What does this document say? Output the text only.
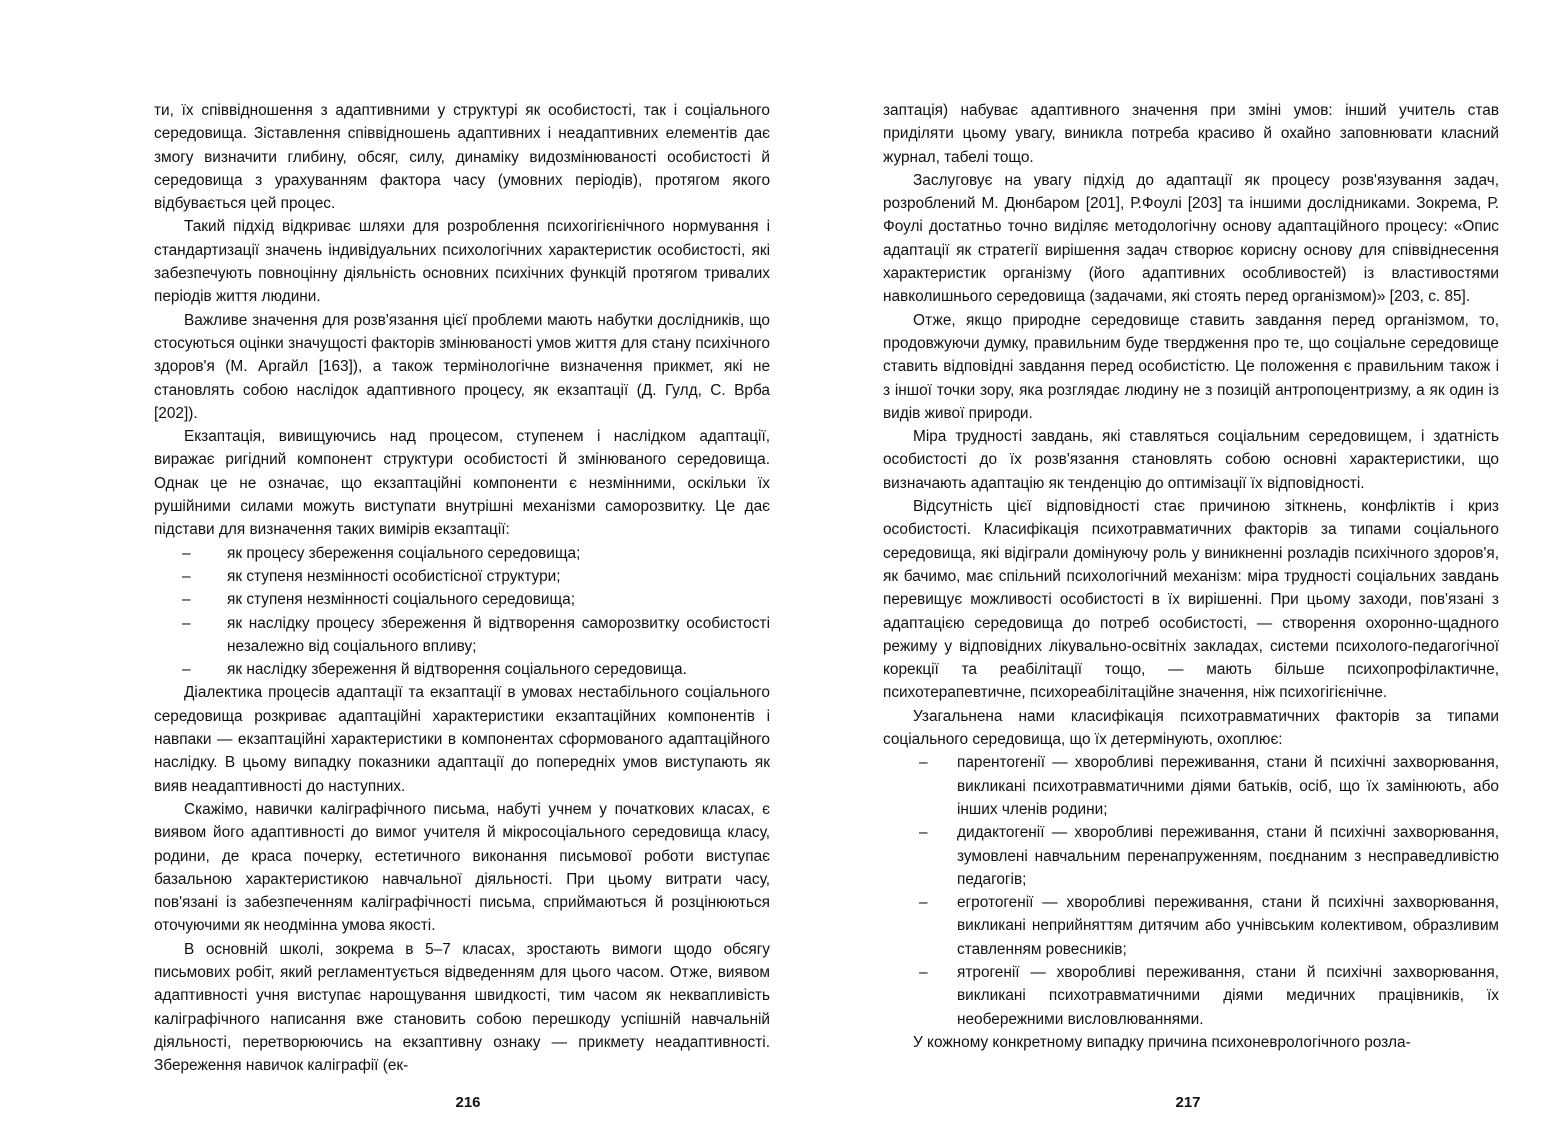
ти, їх співвідношення з адаптивними у структурі як особистості, так і соціального середовища. Зіставлення співвідношень адаптивних і неадаптивних елементів дає змогу визначити глибину, обсяг, силу, динаміку видозмінюваності особистості й середовища з урахуванням фактора часу (умовних періодів), протягом якого відбувається цей процес.

Такий підхід відкриває шляхи для розроблення психогігієнічного нормування і стандартизації значень індивідуальних психологічних характеристик особистості, які забезпечують повноцінну діяльність основних психічних функцій протягом тривалих періодів життя людини.

Важливе значення для розв'язання цієї проблеми мають набутки дослідників, що стосуються оцінки значущості факторів змінюваності умов життя для стану психічного здоров'я (М. Аргайл [163]), а також термінологічне визначення прикмет, які не становлять собою наслідок адаптивного процесу, як екзаптації (Д. Гулд, С. Врба [202]).

Екзаптація, вивищуючись над процесом, ступенем і наслідком адаптації, виражає ригідний компонент структури особистості й змінюваного середовища. Однак це не означає, що екзаптаційні компоненти є незмінними, оскільки їх рушійними силами можуть виступати внутрішні механізми саморозвитку. Це дає підстави для визначення таких вимірів екзаптації:

– як процесу збереження соціального середовища;
– як ступеня незмінності особистісної структури;
– як ступеня незмінності соціального середовища;
– як наслідку процесу збереження й відтворення саморозвитку особистості незалежно від соціального впливу;
– як наслідку збереження й відтворення соціального середовища.

Діалектика процесів адаптації та екзаптації в умовах нестабільного соціального середовища розкриває адаптаційні характеристики екзаптаційних компонентів і навпаки — екзаптаційні характеристики в компонентах сформованого адаптаційного наслідку. В цьому випадку показники адаптації до попередніх умов виступають як вияв неадаптивності до наступних.

Скажімо, навички каліграфічного письма, набуті учнем у початкових класах, є виявом його адаптивності до вимог учителя й мікросоціального середовища класу, родини, де краса почерку, естетичного виконання письмової роботи виступає базальною характеристикою навчальної діяльності. При цьому витрати часу, пов'язані із забезпеченням каліграфічності письма, сприймаються й розцінюються оточуючими як неодмінна умова якості.

В основній школі, зокрема в 5–7 класах, зростають вимоги щодо обсягу письмових робіт, який регламентується відведенням для цього часом. Отже, виявом адаптивності учня виступає нарощування швидкості, тим часом як неквапливість каліграфічного написання вже становить собою перешкоду успішній навчальній діяльності, перетворюючись на екзаптивну ознаку — прикмету неадаптивності. Збереження навичок каліграфії (ек-

216

заптація) набуває адаптивного значення при зміні умов: інший учитель став приділяти цьому увагу, виникла потреба красиво й охайно заповнювати класний журнал, табелі тощо.

Заслуговує на увагу підхід до адаптації як процесу розв'язування задач, розроблений М. Дюнбаром [201], Р.Фоулі [203] та іншими дослідниками. Зокрема, Р. Фоулі достатньо точно виділяє методологічну основу адаптаційного процесу: «Опис адаптації як стратегії вирішення задач створює корисну основу для співвіднесення характеристик організму (його адаптивних особливостей) із властивостями навколишнього середовища (задачами, які стоять перед організмом)» [203, с. 85].

Отже, якщо природне середовище ставить завдання перед організмом, то, продовжуючи думку, правильним буде твердження про те, що соціальне середовище ставить відповідні завдання перед особистістю. Це положення є правильним також і з іншої точки зору, яка розглядає людину не з позицій антропоцентризму, а як один із видів живої природи.

Міра трудності завдань, які ставляться соціальним середовищем, і здатність особистості до їх розв'язання становлять собою основні характеристики, що визначають адаптацію як тенденцію до оптимізації їх відповідності.

Відсутність цієї відповідності стає причиною зіткнень, конфліктів і криз особистості. Класифікація психотравматичних факторів за типами соціального середовища, які відіграли домінуючу роль у виникненні розладів психічного здоров'я, як бачимо, має спільний психологічний механізм: міра трудності соціальних завдань перевищує можливості особистості в їх вирішенні. При цьому заходи, пов'язані з адаптацією середовища до потреб особистості, — створення охоронно-щадного режиму у відповідних лікувально-освітніх закладах, системи психолого-педагогічної корекції та реабілітації тощо, — мають більше психопрофілактичне, психотерапевтичне, психореабілітаційне значення, ніж психогігієнічне.

Узагальнена нами класифікація психотравматичних факторів за типами соціального середовища, що їх детермінують, охоплює:

– парентогенії — хворобливі переживання, стани й психічні захворювання, викликані психотравматичними діями батьків, осіб, що їх замінюють, або інших членів родини;
– дидактогенії — хворобливі переживання, стани й психічні захворювання, зумовлені навчальним перенапруженням, поєднаним з несправедливістю педагогів;
– егротогенії — хворобливі переживання, стани й психічні захворювання, викликані неприйняттям дитячим або учнівським колективом, образливим ставленням ровесників;
– ятрогенії — хворобливі переживання, стани й психічні захворювання, викликані психотравматичними діями медичних працівників, їх необережними висловлюваннями.

У кожному конкретному випадку причина психоневрологічного розла-

217
